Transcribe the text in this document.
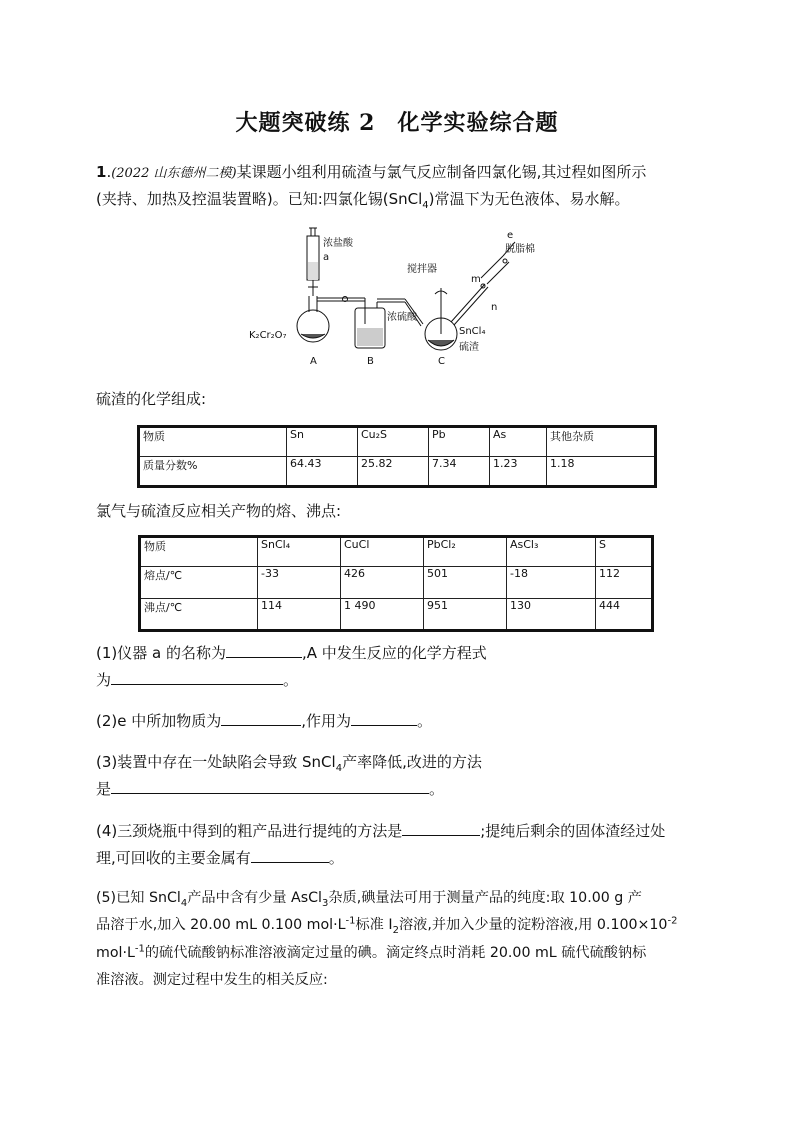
大题突破练 2 化学实验综合题
1.(2022 山东德州二模)某课题小组利用硫渣与氯气反应制备四氯化锡,其过程如图所示
(夹持、加热及控温装置略)。已知:四氯化锡(SnCl$_4$)常温下为无色液体、易水解。
浓盐酸
a
K₂Cr₂O₇
浓硫酸
搅拌器
e
m
n
脱脂棉
SnCl₄
硫渣
A	B	C
硫渣的化学组成:
物质	Sn	Cu₂S	Pb	As	其他杂质
质量分数%	64.43	25.82	7.34	1.23	1.18
氯气与硫渣反应相关产物的熔、沸点:
物质	SnCl₄	CuCl	PbCl₂	AsCl₃	S
熔点/℃	-33	426	501	-18	112
沸点/℃	114	1 490	951	130	444
(1)仪器 a 的名称为	,A 中发生反应的化学方程式
为	。
(2)e 中所加物质为	,作用为	。
(3)装置中存在一处缺陷会导致 SnCl$_4$产率降低,改进的方法
是	。
(4)三颈烧瓶中得到的粗产品进行提纯的方法是	;提纯后剩余的固体渣经过处
理,可回收的主要金属有	。
(5)已知 SnCl$_4$产品中含有少量 AsCl$_3$杂质,碘量法可用于测量产品的纯度:取 10.00 g 产
品溶于水,加入 20.00 mL 0.100 $mol\cdot L^{-1}$标准 $I_2$溶液,并加入少量的淀粉溶液,用 $0.100\times 10^{-2}$
$mol\cdot L^{-1}$的硫代硫酸钠标准溶液滴定过量的碘。滴定终点时消耗 20.00 mL 硫代硫酸钠标
准溶液。测定过程中发生的相关反应:
